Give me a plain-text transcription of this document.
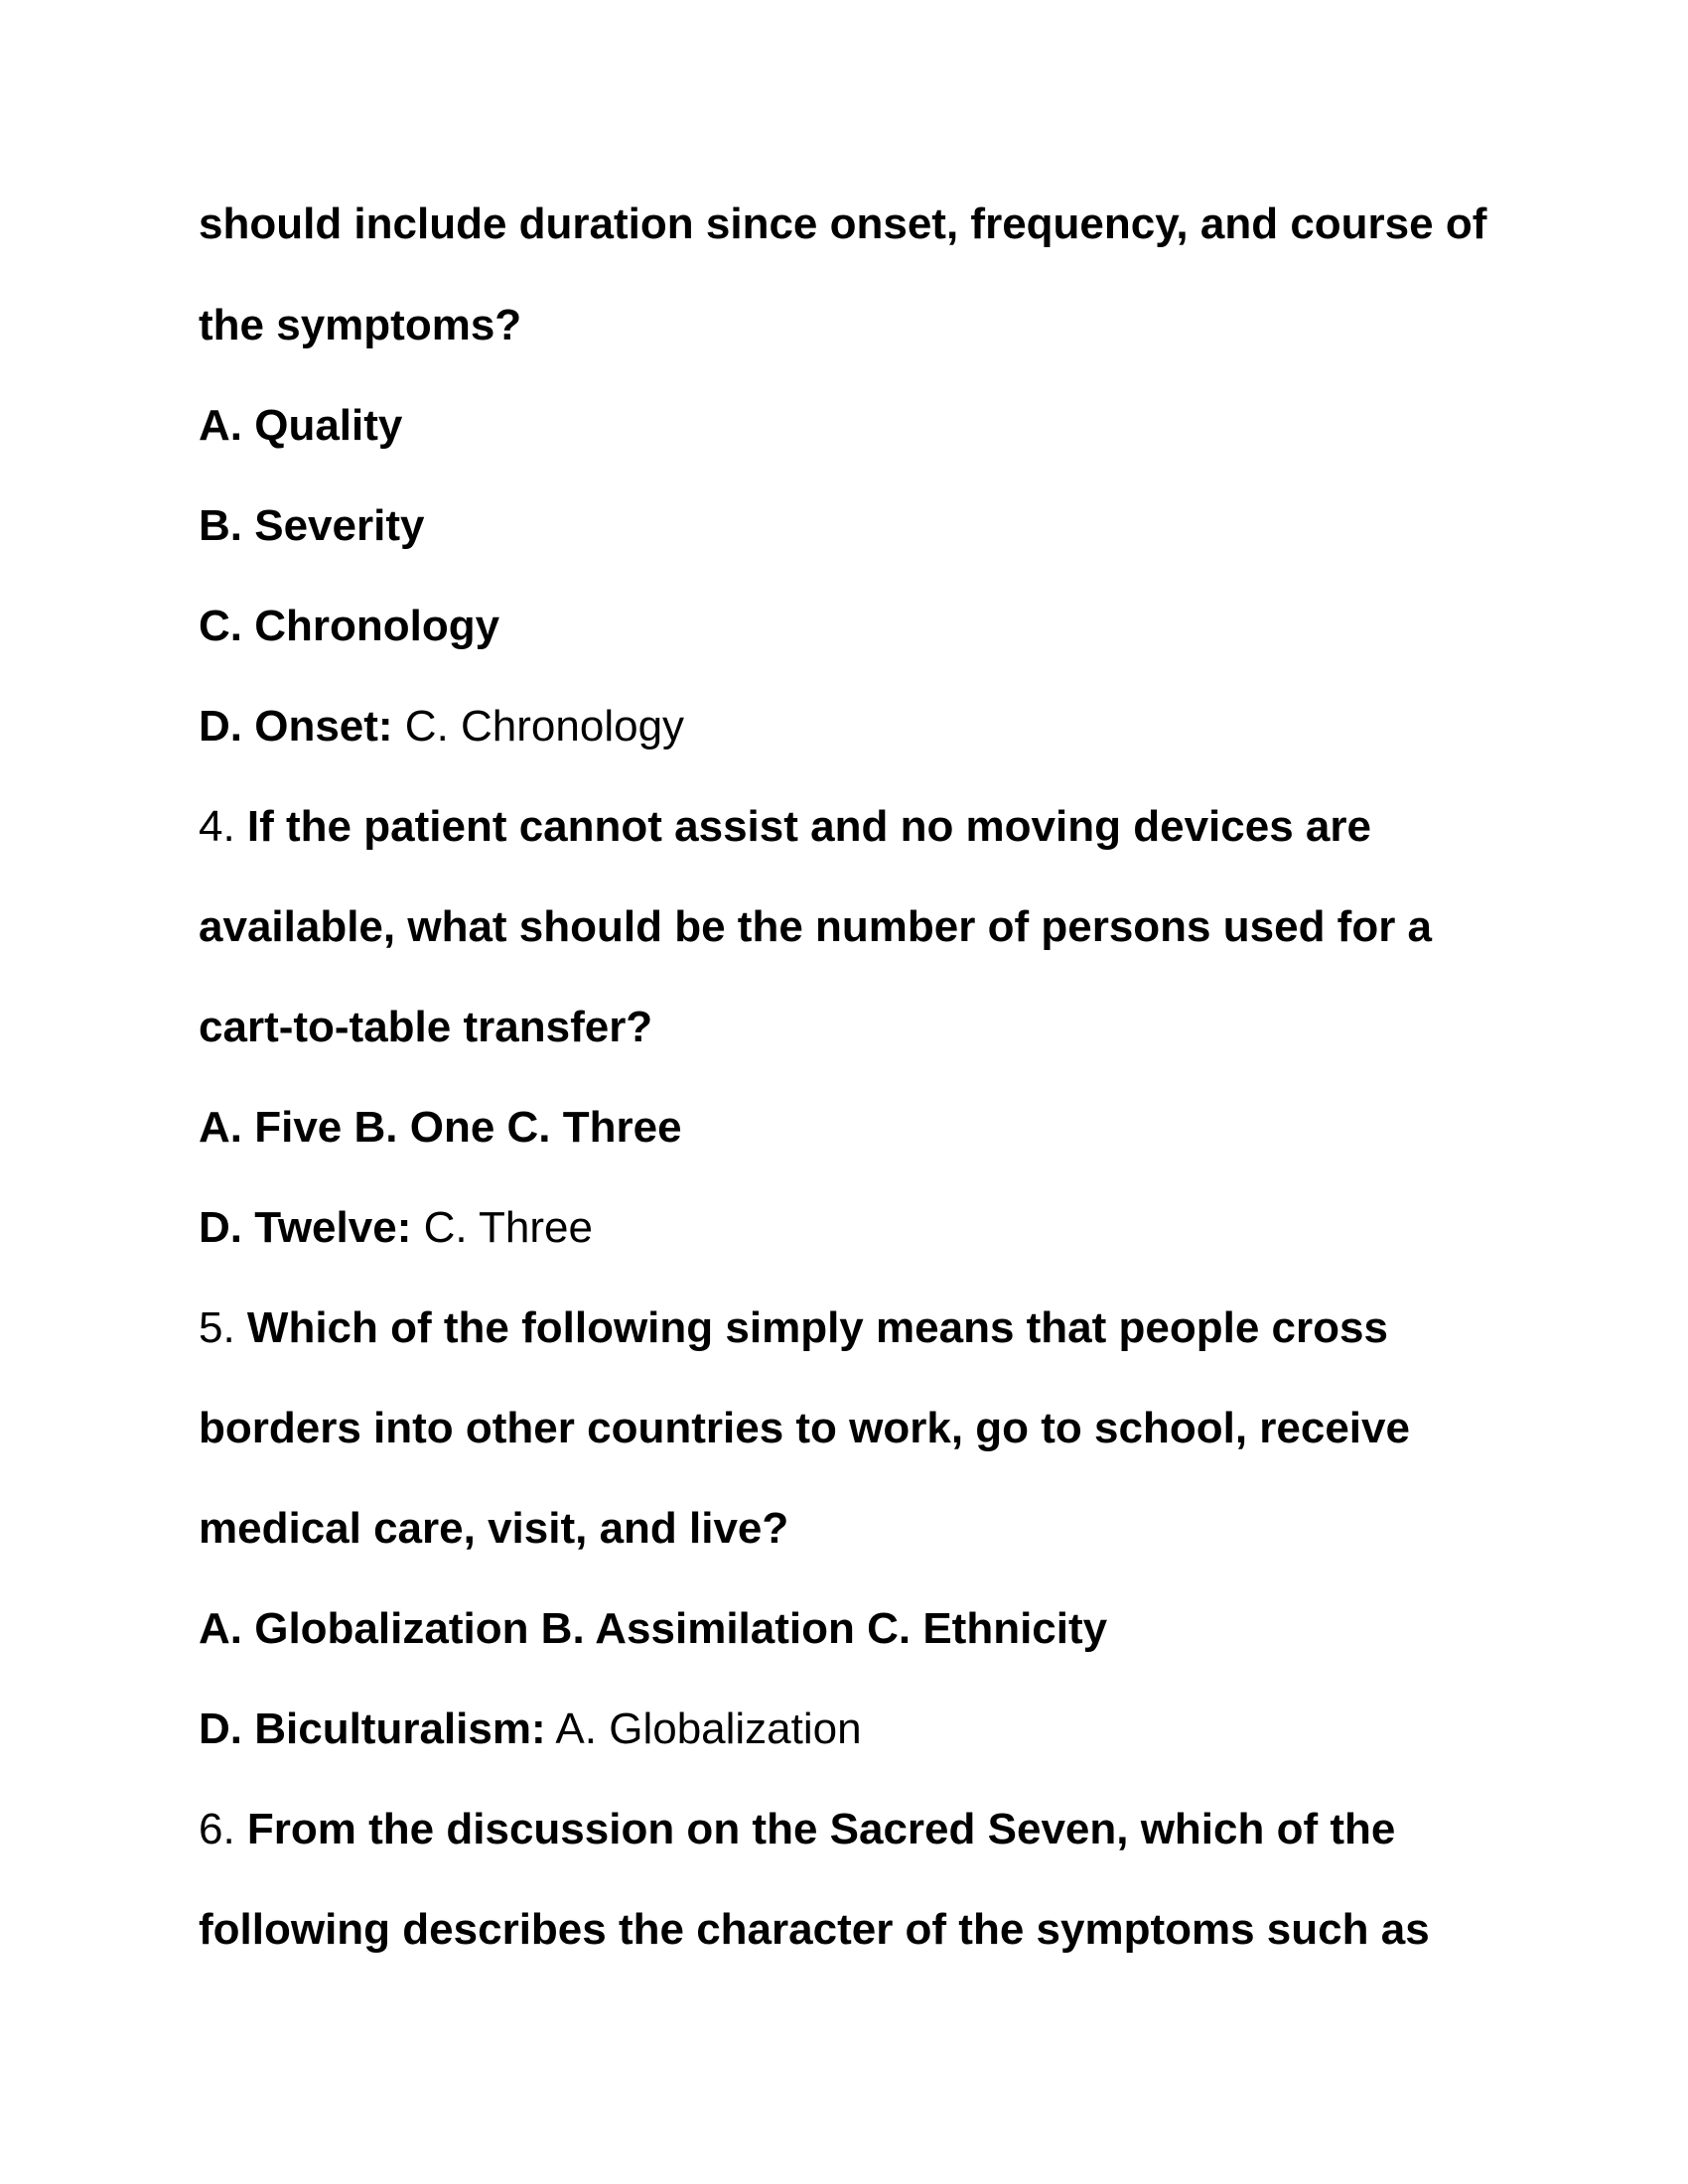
should include duration since onset, frequency, and course of
the symptoms?
A. Quality
B. Severity
C. Chronology
D. Onset: C. Chronology
4. If the patient cannot assist and no moving devices are
available, what should be the number of persons used for a
cart-to-table transfer?
A. Five B. One C. Three
D. Twelve: C. Three
5. Which of the following simply means that people cross
borders into other countries to work, go to school, receive
medical care, visit, and live?
A. Globalization B. Assimilation C. Ethnicity
D. Biculturalism: A. Globalization
6. From the discussion on the Sacred Seven, which of the
following describes the character of the symptoms such as
